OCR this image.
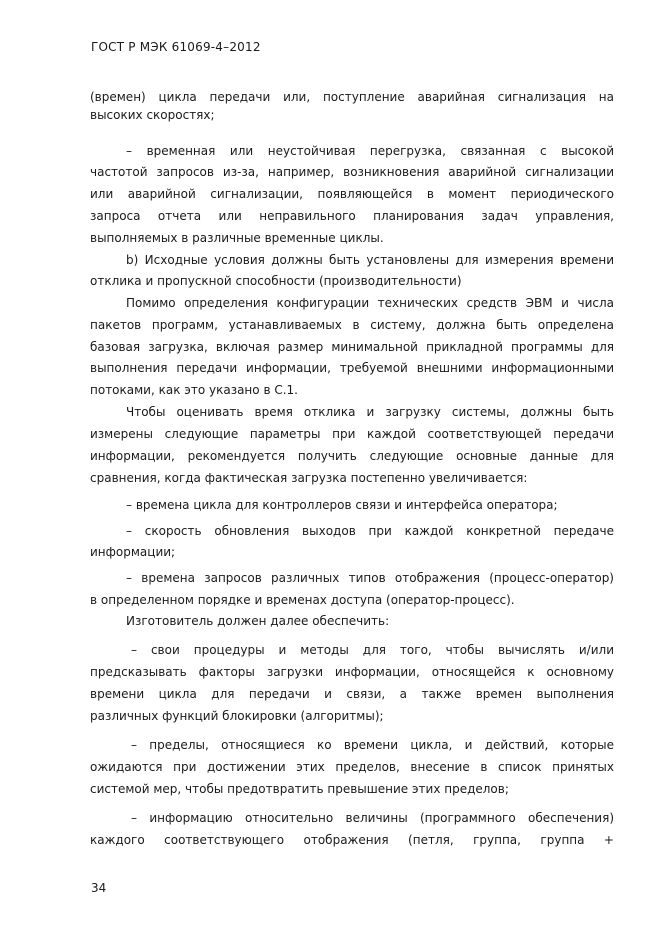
ГОСТ Р МЭК 61069-4–2012
(времен) цикла передачи или, поступление аварийная сигнализация на
высоких скоростях;
– временная или неустойчивая перегрузка, связанная с высокой
частотой запросов из-за, например, возникновения аварийной сигнализации
или аварийной сигнализации, появляющейся в момент периодического
запроса отчета или неправильного планирования задач управления,
выполняемых в различные временные циклы.
b) Исходные условия должны быть установлены для измерения времени
отклика и пропускной способности (производительности)
Помимо определения конфигурации технических средств ЭВМ и числа
пакетов программ, устанавливаемых в систему, должна быть определена
базовая загрузка, включая размер минимальной прикладной программы для
выполнения передачи информации, требуемой внешними информационными
потоками, как это указано в С.1.
Чтобы оценивать время отклика и загрузку системы, должны быть
измерены следующие параметры при каждой соответствующей передачи
информации, рекомендуется получить следующие основные данные для
сравнения, когда фактическая загрузка постепенно увеличивается:
– времена цикла для контроллеров связи и интерфейса оператора;
– скорость обновления выходов при каждой конкретной передаче
информации;
– времена запросов различных типов отображения (процесс-оператор)
в определенном порядке и временах доступа (оператор-процесс).
Изготовитель должен далее обеспечить:
– свои процедуры и методы для того, чтобы вычислять и/или
предсказывать факторы загрузки информации, относящейся к основному
времени цикла для передачи и связи, а также времен выполнения
различных функций блокировки (алгоритмы);
– пределы, относящиеся ко времени цикла, и действий, которые
ожидаются при достижении этих пределов, внесение в список принятых
системой мер, чтобы предотвратить превышение этих пределов;
– информацию относительно величины (программного обеспечения)
каждого соответствующего отображения (петля, группа, группа +
34
